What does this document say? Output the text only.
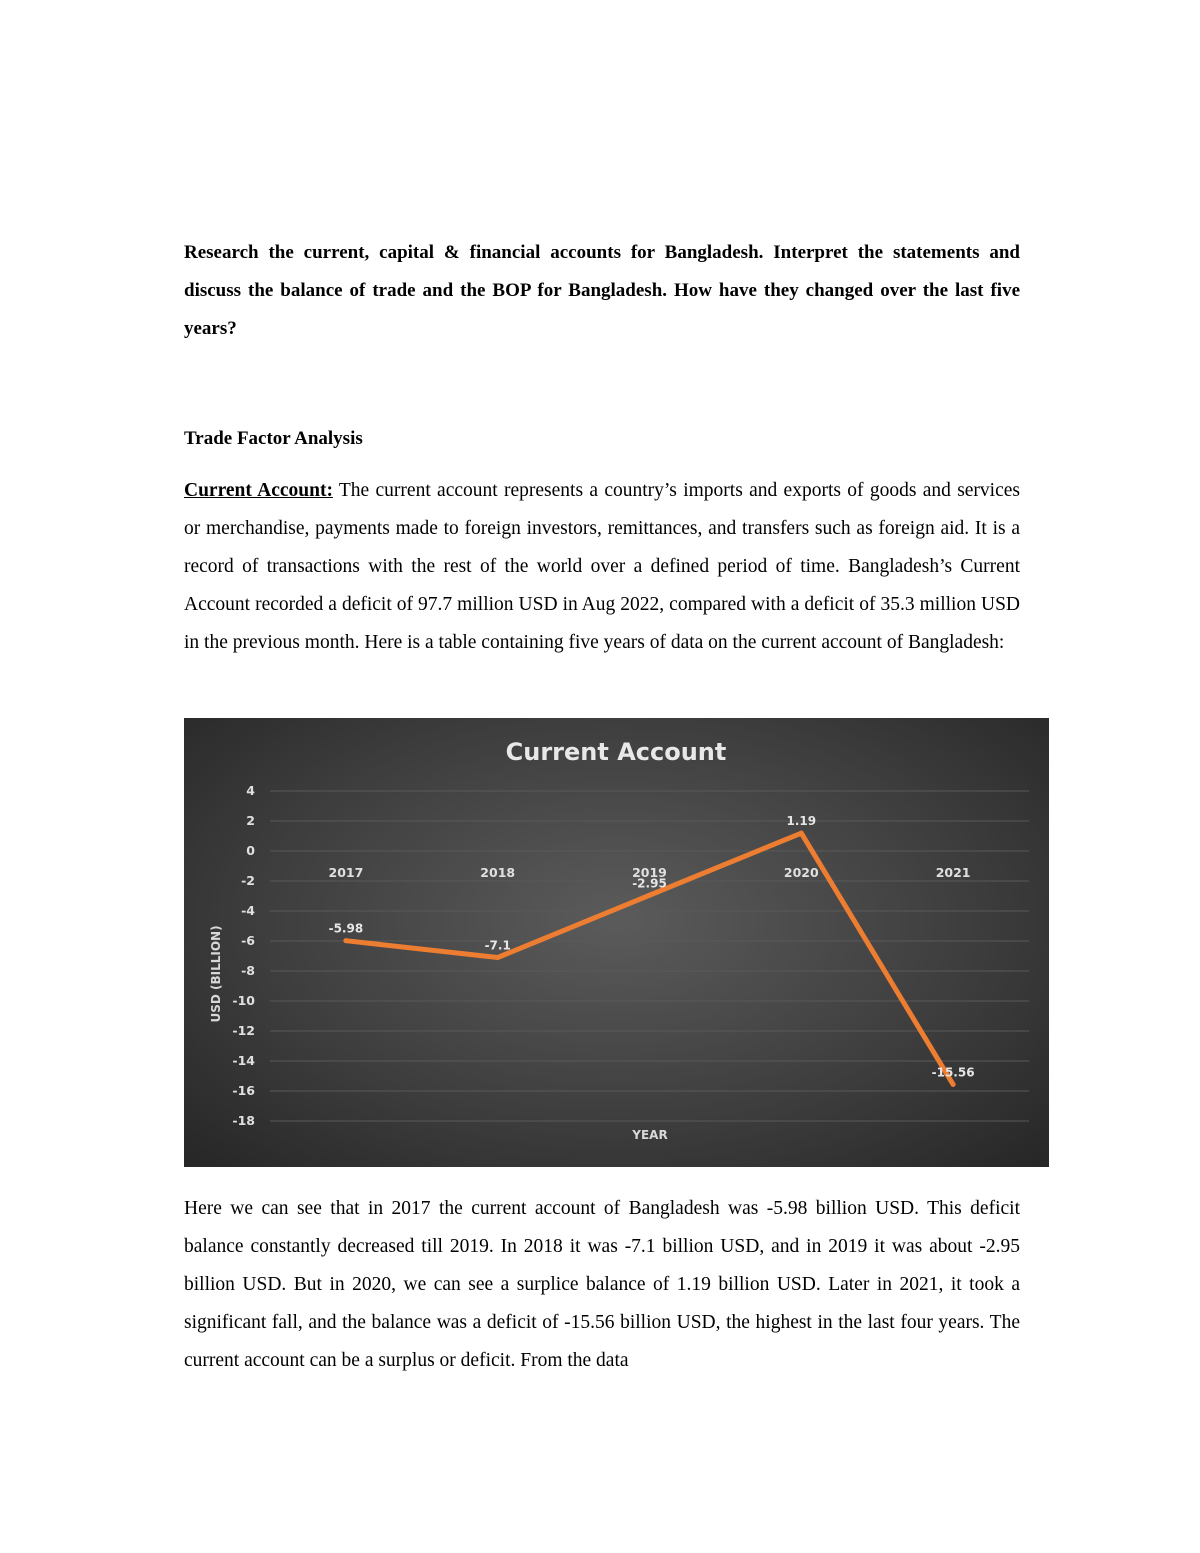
Research the current, capital & financial accounts for Bangladesh. Interpret the statements and discuss the balance of trade and the BOP for Bangladesh. How have they changed over the last five years?
Trade Factor Analysis
Current Account: The current account represents a country’s imports and exports of goods and services or merchandise, payments made to foreign investors, remittances, and transfers such as foreign aid. It is a record of transactions with the rest of the world over a defined period of time. Bangladesh’s Current Account recorded a deficit of 97.7 million USD in Aug 2022, compared with a deficit of 35.3 million USD in the previous month. Here is a table containing five years of data on the current account of Bangladesh:
Current Account
4
2
0
-2
-4
-6
-8
-10
-12
-14
-16
-18
2017	2018	2019	2020	2021
-5.98
-7.1
-2.95
1.19
-15.56
USD (BILLION)
YEAR
Here we can see that in 2017 the current account of Bangladesh was -5.98 billion USD. This deficit balance constantly decreased till 2019. In 2018 it was -7.1 billion USD, and in 2019 it was about -2.95 billion USD. But in 2020, we can see a surplice balance of 1.19 billion USD. Later in 2021, it took a significant fall, and the balance was a deficit of -15.56 billion USD, the highest in the last four years. The current account can be a surplus or deficit. From the data
